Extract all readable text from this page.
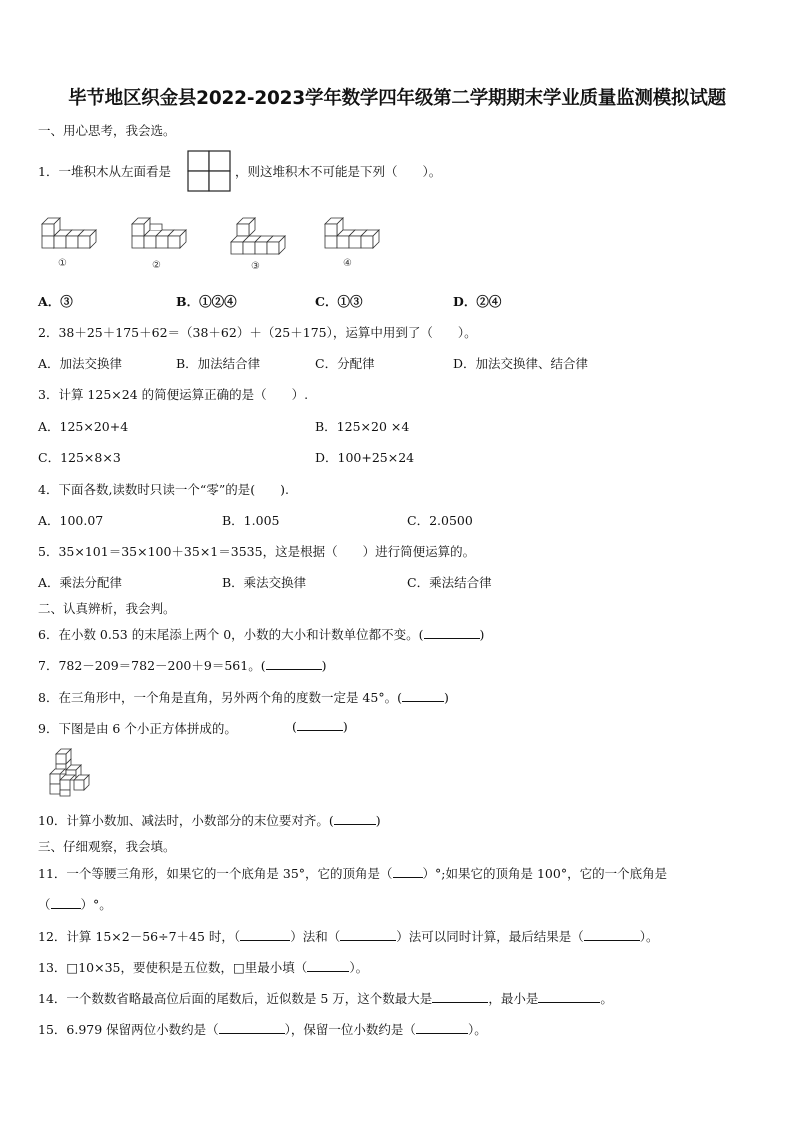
毕节地区织金县2022-2023学年数学四年级第二学期期末学业质量监测模拟试题
一、用心思考，我会选。
1．一堆积木从左面看是	，则这堆积木不可能是下列（　　）。
①	②	③	④
A．③	B．①②④	C．①③	D．②④
2．38＋25＋175＋62＝（38＋62）＋（25＋175），运算中用到了（　　）。
A．加法交换律	B．加法结合律	C．分配律	D．加法交换律、结合律
3．计算 125×24 的简便运算正确的是（　　）.
A．125×20+4	B．125×20 ×4
C．125×8×3	D．100+25×24
4．下面各数,读数时只读一个“零”的是(　　).
A．100.07	B．1.005	C．2.0500
5．35×101＝35×100＋35×1＝3535，这是根据（　　）进行简便运算的。
A．乘法分配律	B．乘法交换律	C．乘法结合律
二、认真辨析，我会判。
6．在小数 0.53 的末尾添上两个 0，小数的大小和计数单位都不变。(	)
7．782－209＝782－200＋9＝561。(	)
8．在三角形中，一个角是直角，另外两个角的度数一定是 45°。(	)
9．下图是由 6 个小正方体拼成的。	(	)
10．计算小数加、减法时，小数部分的末位要对齐。(	)
三、仔细观察，我会填。
11．一个等腰三角形，如果它的一个底角是 35°，它的顶角是（ ）°;如果它的顶角是 100°，它的一个底角是
（ ）°。
12．计算 15×2－56÷7＋45 时，（	）法和（	）法可以同时计算，最后结果是（	）。
13．□10×35，要使积是五位数，□里最小填（	）。
14．一个数数省略最高位后面的尾数后，近似数是 5 万，这个数最大是	，最小是	。
15．6.979 保留两位小数约是（	），保留一位小数约是（	）。
